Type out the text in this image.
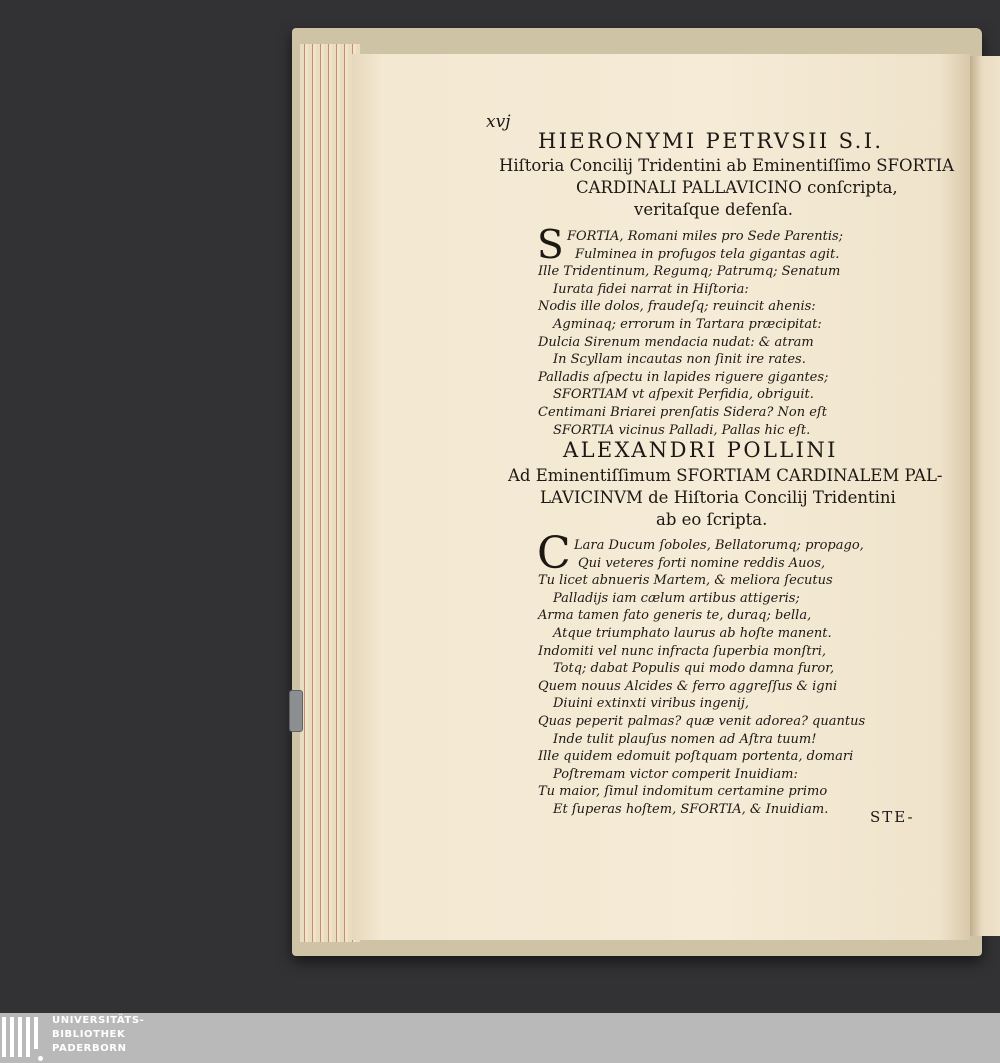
xvj
HIERONYMI PETRVSII S.I.
Hiſtoria Concilij Tridentini ab Eminentiſſimo SFORTIA
CARDINALI PALLAVICINO conſcripta,
veritaſque defenſa.
S FORTIA, Romani miles pro Sede Parentis;
Fulminea in profugos tela gigantas agit.
Ille Tridentinum, Regumq; Patrumq; Senatum
Iurata fidei narrat in Hiſtoria:
Nodis ille dolos, fraudeſq; reuincit ahenis:
Agminaq; errorum in Tartara præcipitat:
Dulcia Sirenum mendacia nudat: & atram
In Scyllam incautas non ſinit ire rates.
Palladis aſpectu in lapides riguere gigantes;
SFORTIAM vt aſpexit Perfidia, obriguit.
Centimani Briarei prenſatis Sidera? Non eſt
SFORTIA vicinus Palladi, Pallas hic eſt.
ALEXANDRI POLLINI
Ad Eminentiſſimum SFORTIAM CARDINALEM PAL-
LAVICINVM de Hiſtoria Concilij Tridentini
ab eo ſcripta.
C Lara Ducum ſoboles, Bellatorumq; propago,
Qui veteres forti nomine reddis Auos,
Tu licet abnueris Martem, & meliora ſecutus
Palladijs iam cælum artibus attigeris;
Arma tamen fato generis te, duraq; bella,
Atque triumphato laurus ab hoſte manent.
Indomiti vel nunc infracta ſuperbia monſtri,
Totq; dabat Populis qui modo damna furor,
Quem nouus Alcides & ferro aggreſſus & igni
Diuini extinxti viribus ingenij,
Quas peperit palmas? quæ venit adorea? quantus
Inde tulit plauſus nomen ad Aſtra tuum!
Ille quidem edomuit poſtquam portenta, domari
Poſtremam victor comperit Inuidiam:
Tu maior, ſimul indomitum certamine primo
Et ſuperas hoſtem, SFORTIA, & Inuidiam.	STE-
UNIVERSITÄTS-
BIBLIOTHEK
PADERBORN
